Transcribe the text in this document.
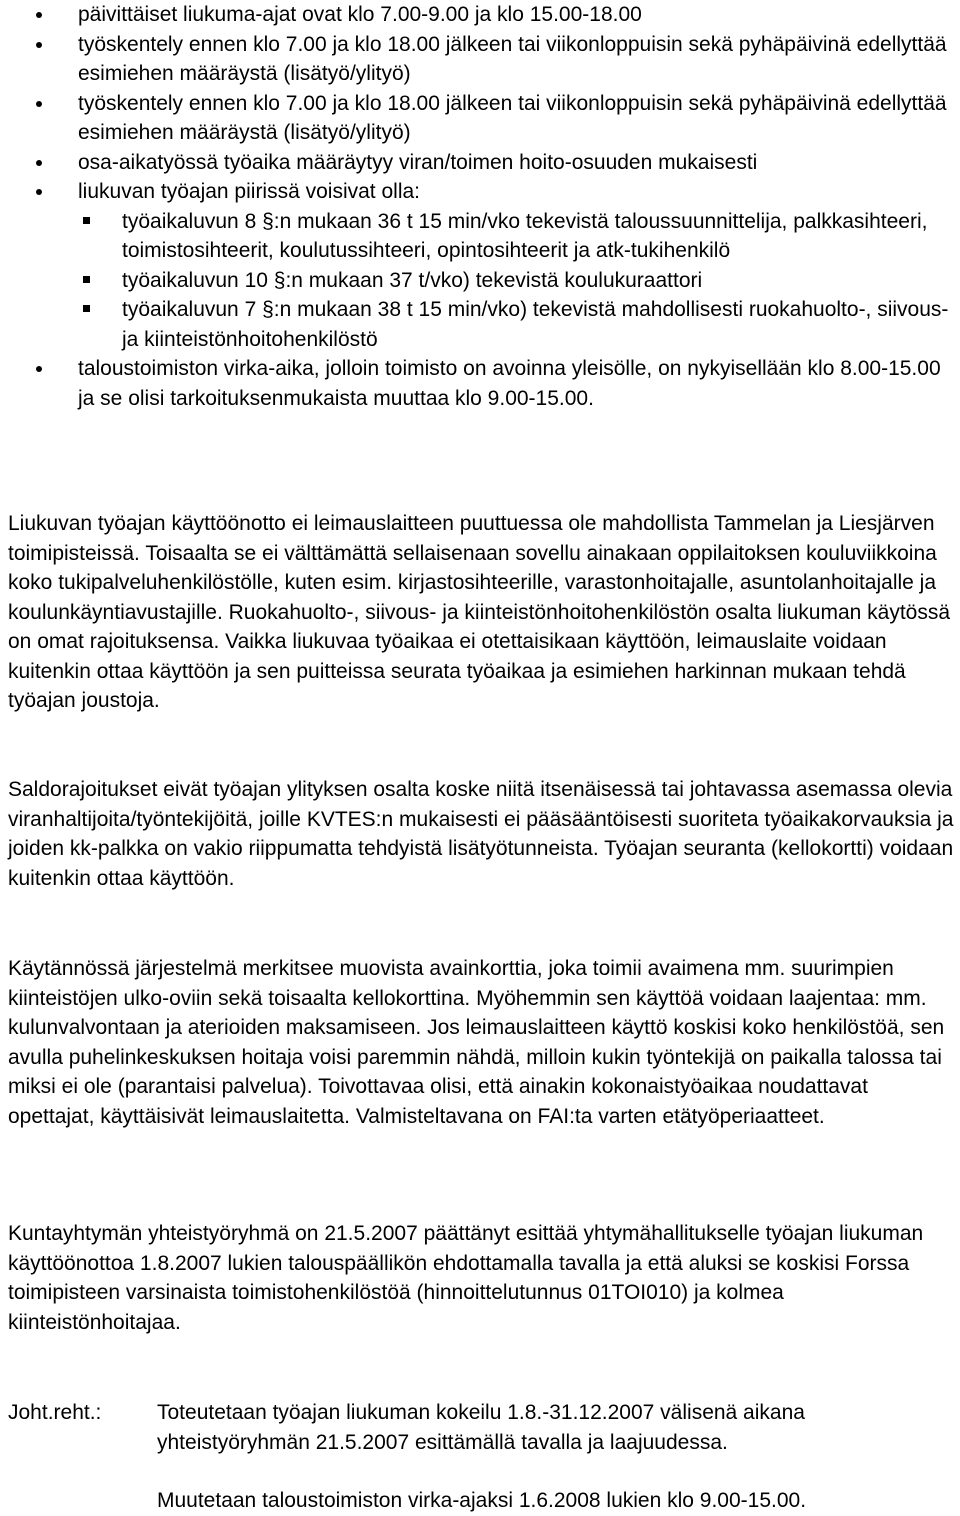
päivittäiset liukuma-ajat ovat klo 7.00-9.00 ja klo 15.00-18.00
työskentely ennen klo 7.00 ja klo 18.00 jälkeen tai viikonloppuisin sekä pyhäpäivinä edellyttää esimiehen määräystä (lisätyö/ylityö)
työskentely ennen klo 7.00 ja klo 18.00 jälkeen tai viikonloppuisin sekä pyhäpäivinä edellyttää esimiehen määräystä (lisätyö/ylityö)
osa-aikatyössä työaika määräytyy viran/toimen hoito-osuuden mukaisesti
liukuvan työajan piirissä voisivat olla:
työaikaluvun 8 §:n mukaan 36 t 15 min/vko tekevistä taloussuunnittelija, palkkasihteeri, toimistosihteerit, koulutussihteeri, opintosihteerit ja atk-tukihenkilö
työaikaluvun 10 §:n mukaan 37 t/vko) tekevistä koulukuraattori
työaikaluvun 7 §:n mukaan 38 t 15 min/vko) tekevistä mahdollisesti ruokahuolto-, siivous- ja kiinteistönhoitohenkilöstö
taloustoimiston virka-aika, jolloin toimisto on avoinna yleisölle, on nykyisellään klo 8.00-15.00 ja se olisi tarkoituksenmukaista muuttaa klo 9.00-15.00.

Liukuvan työajan käyttöönotto ei leimauslaitteen puuttuessa ole mahdollista Tammelan ja Liesjärven toimipisteissä. Toisaalta se ei välttämättä sellaisenaan sovellu ainakaan oppilaitoksen kouluviikkoina koko tukipalveluhenkilöstölle, kuten esim. kirjastosihteerille, varastonhoitajalle, asuntolanhoitajalle ja koulunkäyntiavustajille. Ruokahuolto-, siivous- ja kiinteistönhoitohenkilöstön osalta liukuman käytössä on omat rajoituksensa. Vaikka liukuvaa työaikaa ei otettaisikaan käyttöön, leimauslaite voidaan kuitenkin ottaa käyttöön ja sen puitteissa seurata työaikaa ja esimiehen harkinnan mukaan tehdä työajan joustoja.

Saldorajoitukset eivät työajan ylityksen osalta koske niitä itsenäisessä tai johtavassa asemassa olevia viranhaltijoita/työntekijöitä, joille KVTES:n mukaisesti ei pääsääntöisesti suoriteta työaikakorvauksia ja joiden kk-palkka on vakio riippumatta tehdyistä lisätyötunneista. Työajan seuranta (kellokortti) voidaan kuitenkin ottaa käyttöön.

Käytännössä järjestelmä merkitsee muovista avainkorttia, joka toimii avaimena mm. suurimpien kiinteistöjen ulko-oviin sekä toisaalta kellokorttina. Myöhemmin sen käyttöä voidaan laajentaa: mm. kulunvalvontaan ja aterioiden maksamiseen. Jos leimauslaitteen käyttö koskisi koko henkilöstöä, sen avulla puhelinkeskuksen hoitaja voisi paremmin nähdä, milloin kukin työntekijä on paikalla talossa tai miksi ei ole (parantaisi palvelua). Toivottavaa olisi, että ainakin kokonaistyöaikaa noudattavat opettajat, käyttäisivät leimauslaitetta. Valmisteltavana on FAI:ta varten etätyöperiaatteet.

Kuntayhtymän yhteistyöryhmä on 21.5.2007 päättänyt esittää yhtymähallitukselle työajan liukuman käyttöönottoa 1.8.2007 lukien talouspäällikön ehdottamalla tavalla ja että aluksi se koskisi Forssa toimipisteen varsinaista toimistohenkilöstöä (hinnoittelutunnus 01TOI010) ja kolmea kiinteistönhoitajaa.

Joht.reht.:	Toteutetaan työajan liukuman kokeilu 1.8.-31.12.2007 välisenä aikana yhteistyöryhmän 21.5.2007 esittämällä tavalla ja laajuudessa.

Muutetaan taloustoimiston virka-ajaksi 1.6.2008 lukien klo 9.00-15.00.
